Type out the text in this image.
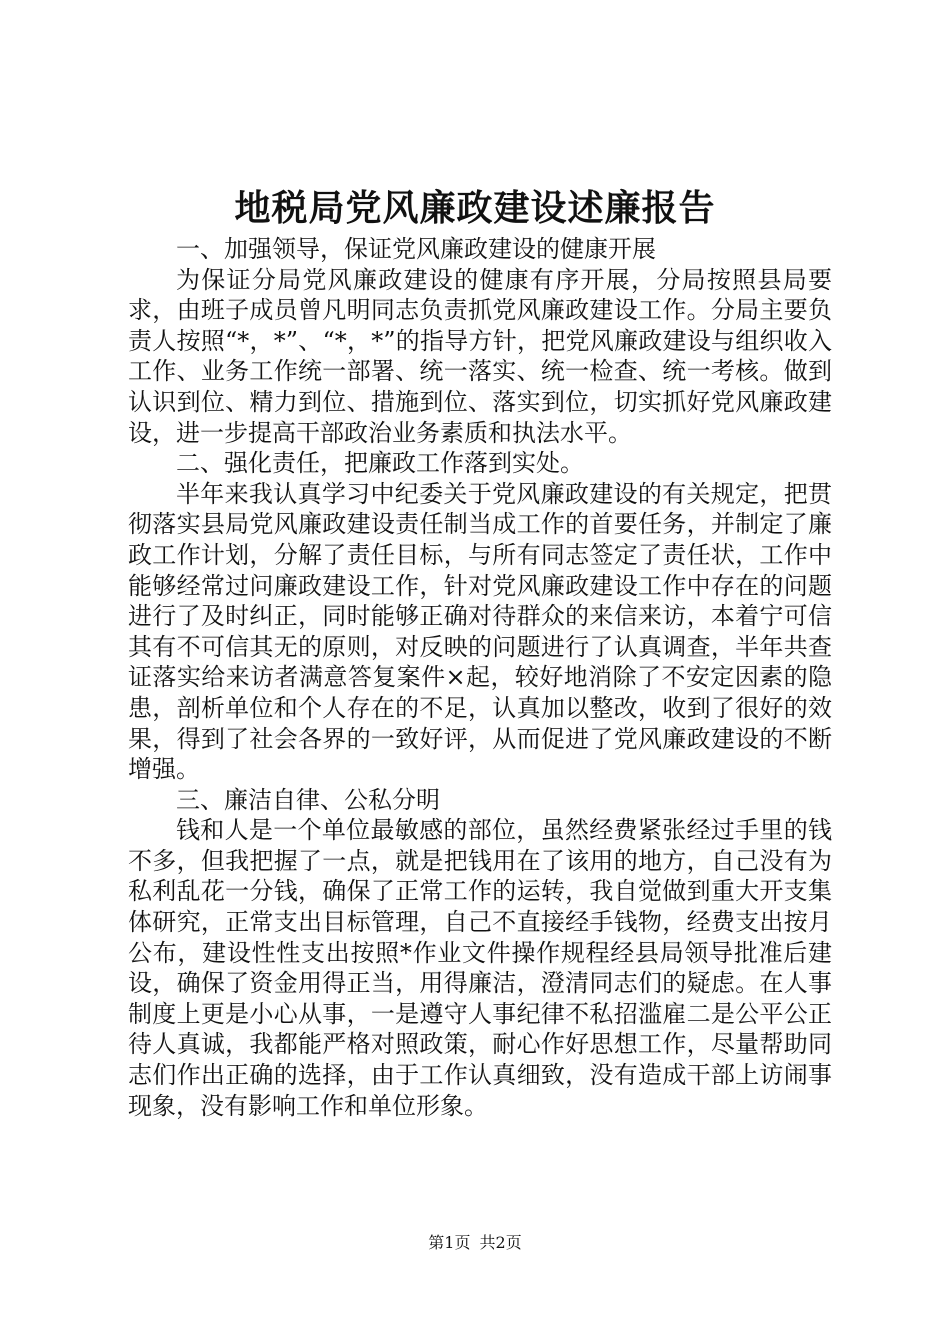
地税局党风廉政建设述廉报告

一、加强领导，保证党风廉政建设的健康开展

为保证分局党风廉政建设的健康有序开展，分局按照县局要求，由班子成员曾凡明同志负责抓党风廉政建设工作。分局主要负责人按照“*，*”、“*，*”的指导方针，把党风廉政建设与组织收入工作、业务工作统一部署、统一落实、统一检查、统一考核。做到认识到位、精力到位、措施到位、落实到位，切实抓好党风廉政建设，进一步提高干部政治业务素质和执法水平。

二、强化责任，把廉政工作落到实处。

半年来我认真学习中纪委关于党风廉政建设的有关规定，把贯彻落实县局党风廉政建设责任制当成工作的首要任务，并制定了廉政工作计划，分解了责任目标，与所有同志签定了责任状，工作中能够经常过问廉政建设工作，针对党风廉政建设工作中存在的问题进行了及时纠正，同时能够正确对待群众的来信来访，本着宁可信其有不可信其无的原则，对反映的问题进行了认真调查，半年共查证落实给来访者满意答复案件×起，较好地消除了不安定因素的隐患，剖析单位和个人存在的不足，认真加以整改，收到了很好的效果，得到了社会各界的一致好评，从而促进了党风廉政建设的不断增强。

三、廉洁自律、公私分明

钱和人是一个单位最敏感的部位，虽然经费紧张经过手里的钱不多，但我把握了一点，就是把钱用在了该用的地方，自己没有为私利乱花一分钱，确保了正常工作的运转，我自觉做到重大开支集体研究，正常支出目标管理，自己不直接经手钱物，经费支出按月公布，建设性性支出按照*作业文件操作规程经县局领导批准后建设，确保了资金用得正当，用得廉洁，澄清同志们的疑虑。在人事制度上更是小心从事，一是遵守人事纪律不私招滥雇二是公平公正待人真诚，我都能严格对照政策，耐心作好思想工作，尽量帮助同志们作出正确的选择，由于工作认真细致，没有造成干部上访闹事现象，没有影响工作和单位形象。

第1页 共2页
